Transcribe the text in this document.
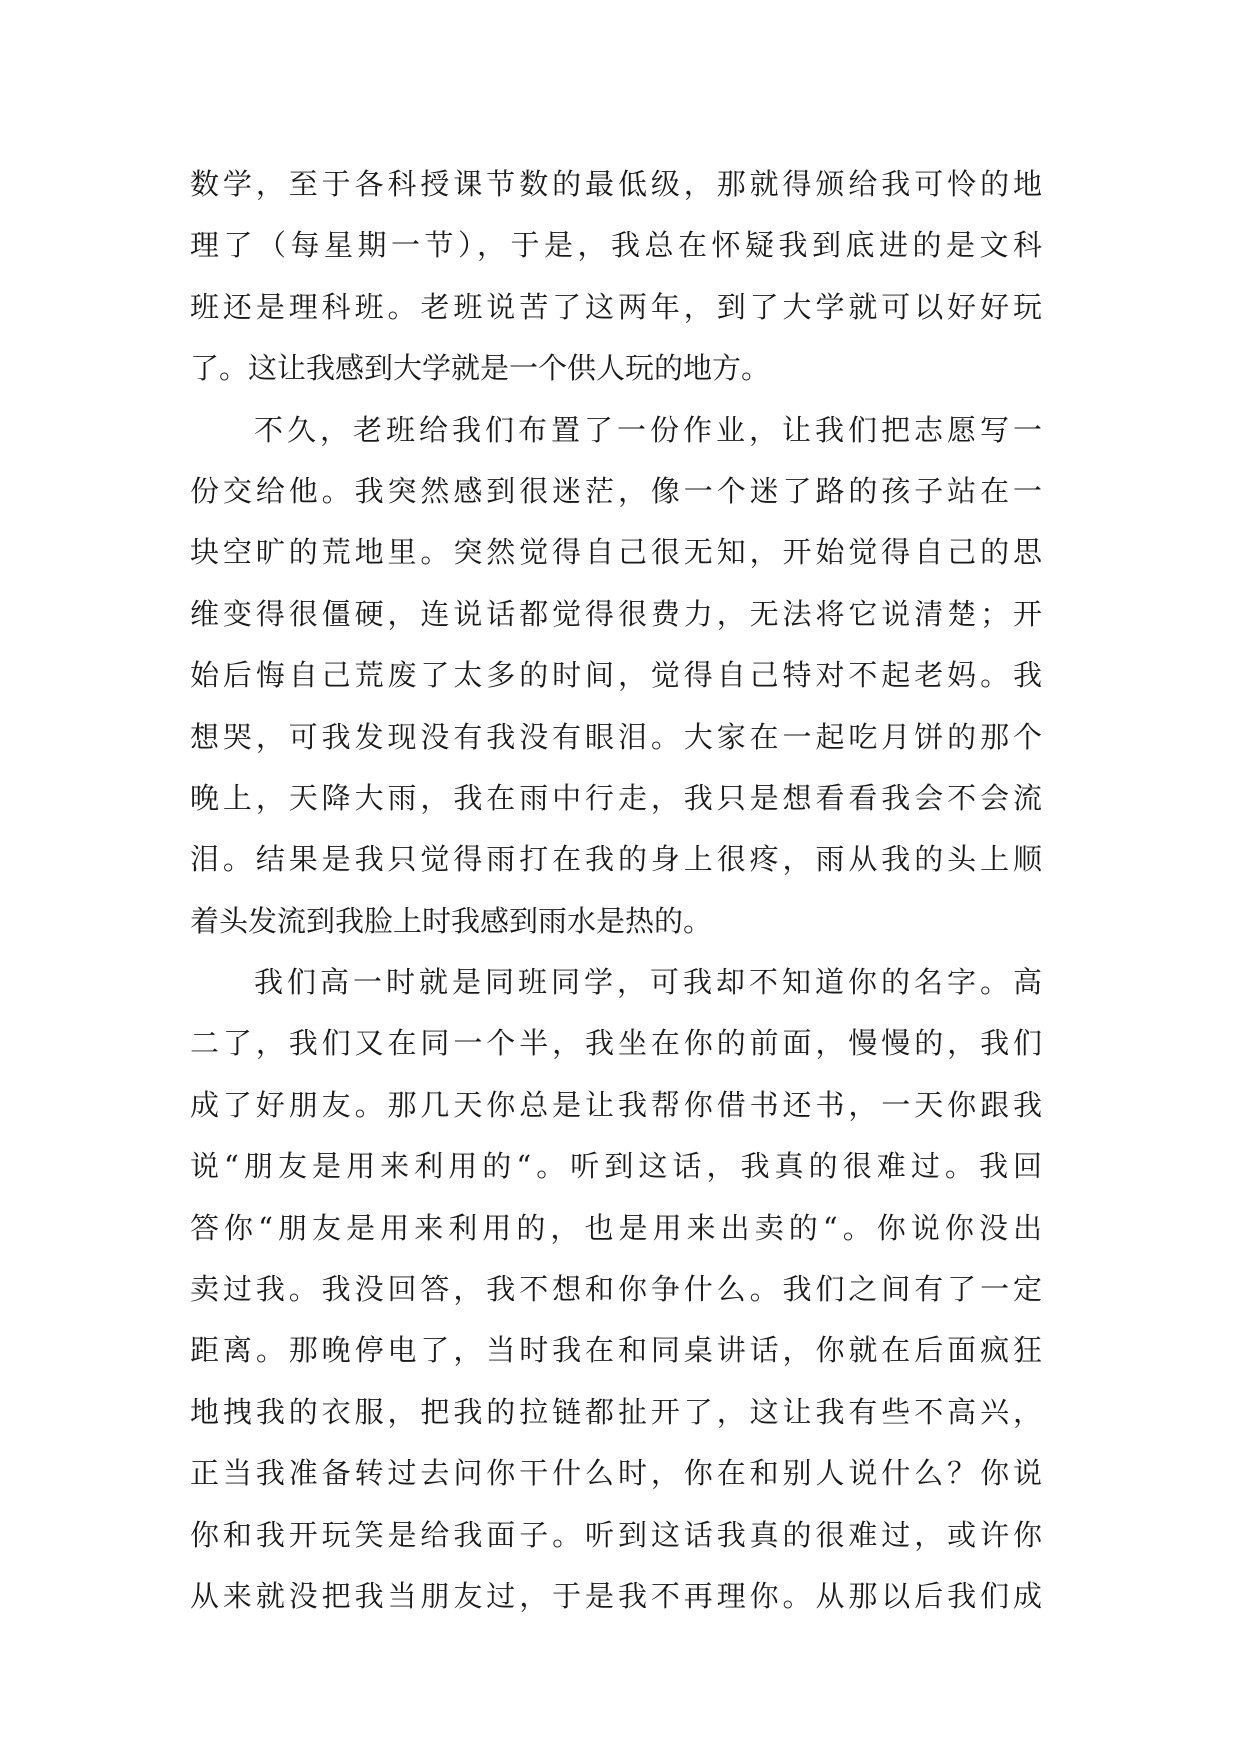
数学，至于各科授课节数的最低级，那就得颁给我可怜的地
理了（每星期一节），于是，我总在怀疑我到底进的是文科
班还是理科班。老班说苦了这两年，到了大学就可以好好玩
了。这让我感到大学就是一个供人玩的地方。
不久，老班给我们布置了一份作业，让我们把志愿写一
份交给他。我突然感到很迷茫，像一个迷了路的孩子站在一
块空旷的荒地里。突然觉得自己很无知，开始觉得自己的思
维变得很僵硬，连说话都觉得很费力，无法将它说清楚；开
始后悔自己荒废了太多的时间，觉得自己特对不起老妈。我
想哭，可我发现没有我没有眼泪。大家在一起吃月饼的那个
晚上，天降大雨，我在雨中行走，我只是想看看我会不会流
泪。结果是我只觉得雨打在我的身上很疼，雨从我的头上顺
着头发流到我脸上时我感到雨水是热的。
我们高一时就是同班同学，可我却不知道你的名字。高
二了，我们又在同一个半，我坐在你的前面，慢慢的，我们
成了好朋友。那几天你总是让我帮你借书还书，一天你跟我
说“朋友是用来利用的“。听到这话，我真的很难过。我回
答你“朋友是用来利用的，也是用来出卖的“。你说你没出
卖过我。我没回答，我不想和你争什么。我们之间有了一定
距离。那晚停电了，当时我在和同桌讲话，你就在后面疯狂
地拽我的衣服，把我的拉链都扯开了，这让我有些不高兴，
正当我准备转过去问你干什么时，你在和别人说什么？你说
你和我开玩笑是给我面子。听到这话我真的很难过，或许你
从来就没把我当朋友过，于是我不再理你。从那以后我们成
